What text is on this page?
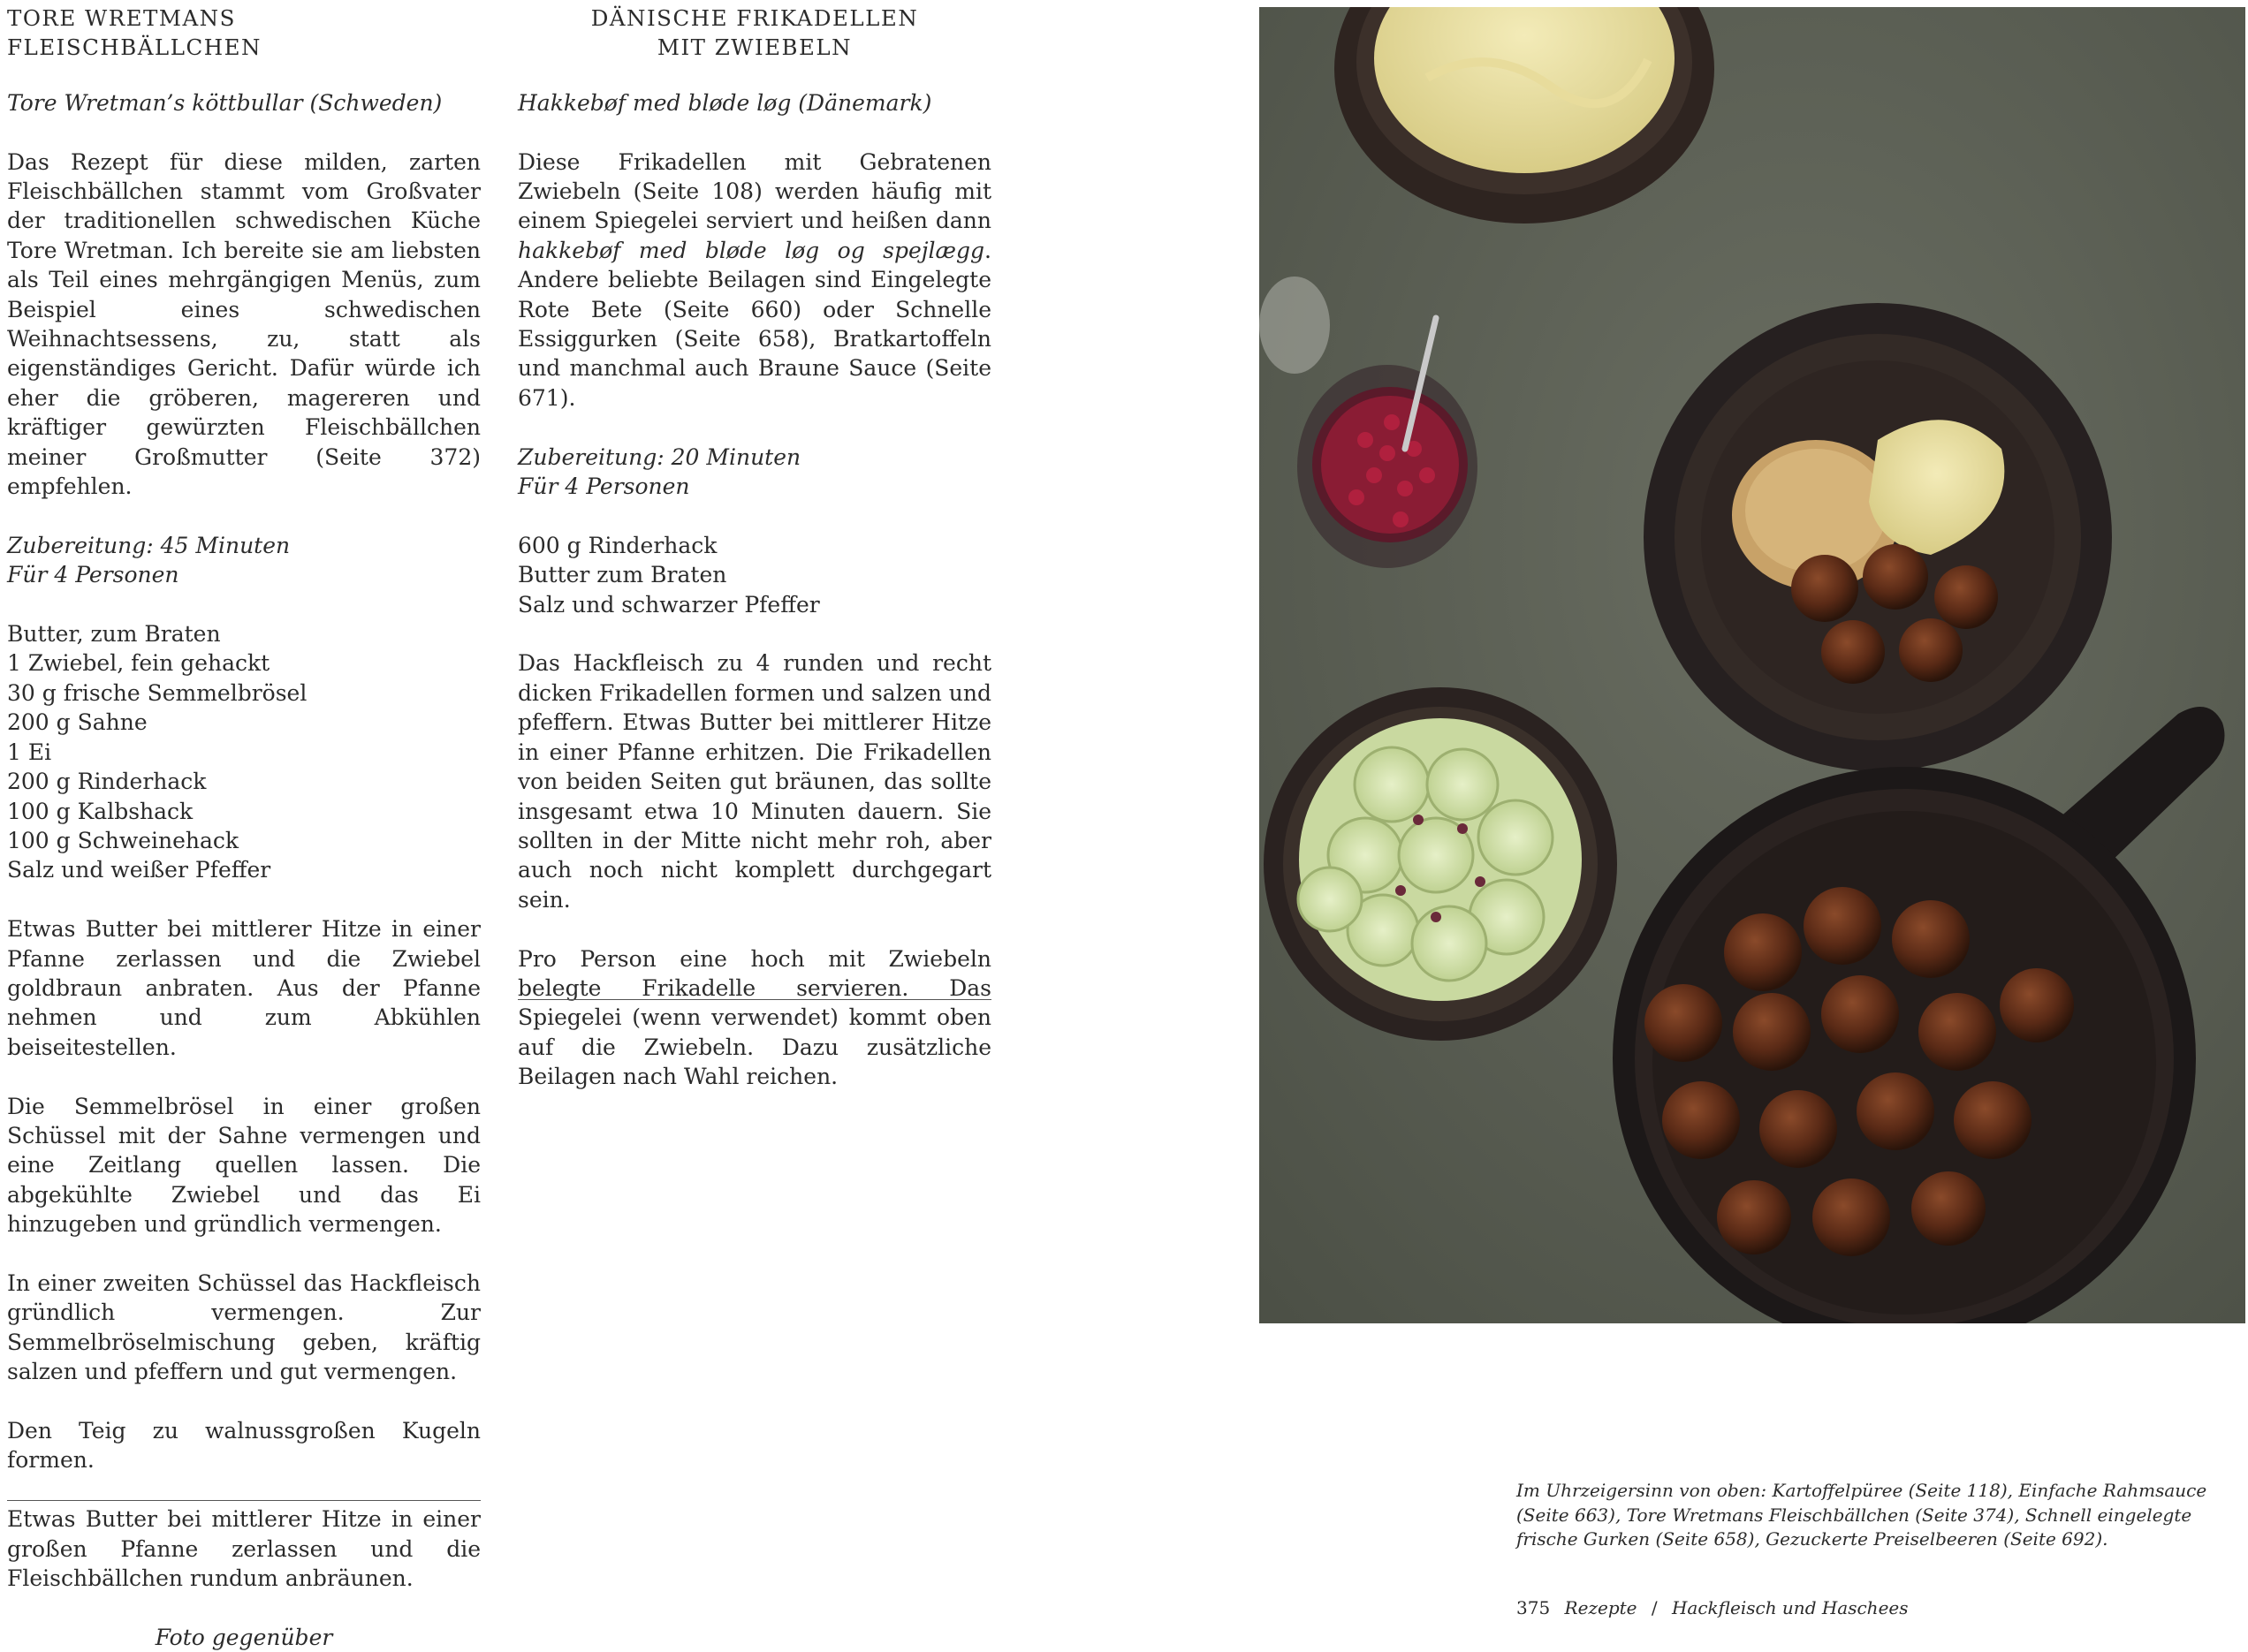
TORE WRETMANS FLEISCHBÄLLCHEN

Tore Wretman’s köttbullar (Schweden)

Das Rezept für diese milden, zarten Fleischbällchen stammt vom Großvater der traditionellen schwedischen Küche Tore Wretman. Ich bereite sie am liebsten als Teil eines mehrgängigen Menüs, zum Beispiel eines schwedischen Weihnachtsessens, zu, statt als eigenständiges Gericht. Dafür würde ich eher die gröberen, magereren und kräftiger gewürzten Fleischbällchen meiner Großmutter (Seite 372) empfehlen.

Zubereitung: 45 Minuten

Für 4 Personen

Butter, zum Braten

1 Zwiebel, fein gehackt

30 g frische Semmelbrösel

200 g Sahne

1 Ei

200 g Rinderhack

100 g Kalbshack

100 g Schweinehack

Salz und weißer Pfeffer

Etwas Butter bei mittlerer Hitze in einer Pfanne zerlassen und die Zwiebel goldbraun anbraten. Aus der Pfanne nehmen und zum Abkühlen beiseitestellen.

Die Semmelbrösel in einer großen Schüssel mit der Sahne vermengen und eine Zeitlang quellen lassen. Die abgekühlte Zwiebel und das Ei hinzugeben und gründlich vermengen.

In einer zweiten Schüssel das Hackfleisch gründlich vermengen. Zur Semmelbröselmischung geben, kräftig salzen und pfeffern und gut vermengen.

Den Teig zu walnussgroßen Kugeln formen.

Etwas Butter bei mittlerer Hitze in einer großen Pfanne zerlassen und die Fleischbällchen rundum anbräunen.

Foto gegenüber

DÄNISCHE FRIKADELLEN

MIT ZWIEBELN

Hakkebøf med bløde løg (Dänemark)

Diese Frikadellen mit Gebratenen Zwiebeln (Seite 108) werden häufig mit einem Spiegelei serviert und heißen dann hakkebøf med bløde løg og spejlægg. Andere beliebte Beilagen sind Eingelegte Rote Bete (Seite 660) oder Schnelle Essiggurken (Seite 658), Bratkartoffeln und manchmal auch Braune Sauce (Seite 671).

Zubereitung: 20 Minuten

Für 4 Personen

600 g Rinderhack

Butter zum Braten

Salz und schwarzer Pfeffer

Das Hackfleisch zu 4 runden und recht dicken Frikadellen formen und salzen und pfeffern. Etwas Butter bei mittlerer Hitze in einer Pfanne erhitzen. Die Frikadellen von beiden Seiten gut bräunen, das sollte insgesamt etwa 10 Minuten dauern. Sie sollten in der Mitte nicht mehr roh, aber auch noch nicht komplett durchgegart sein.

Pro Person eine hoch mit Zwiebeln belegte Frikadelle servieren. Das Spiegelei (wenn verwendet) kommt oben auf die Zwiebeln. Dazu zusätzliche Beilagen nach Wahl reichen.

Im Uhrzeigersinn von oben: Kartoffelpüree (Seite 118), Einfache Rahmsauce (Seite 663), Tore Wretmans Fleischbällchen (Seite 374), Schnell eingelegte frische Gurken (Seite 658), Gezuckerte Preiselbeeren (Seite 692).

375 Rezepte / Hackfleisch und Haschees
